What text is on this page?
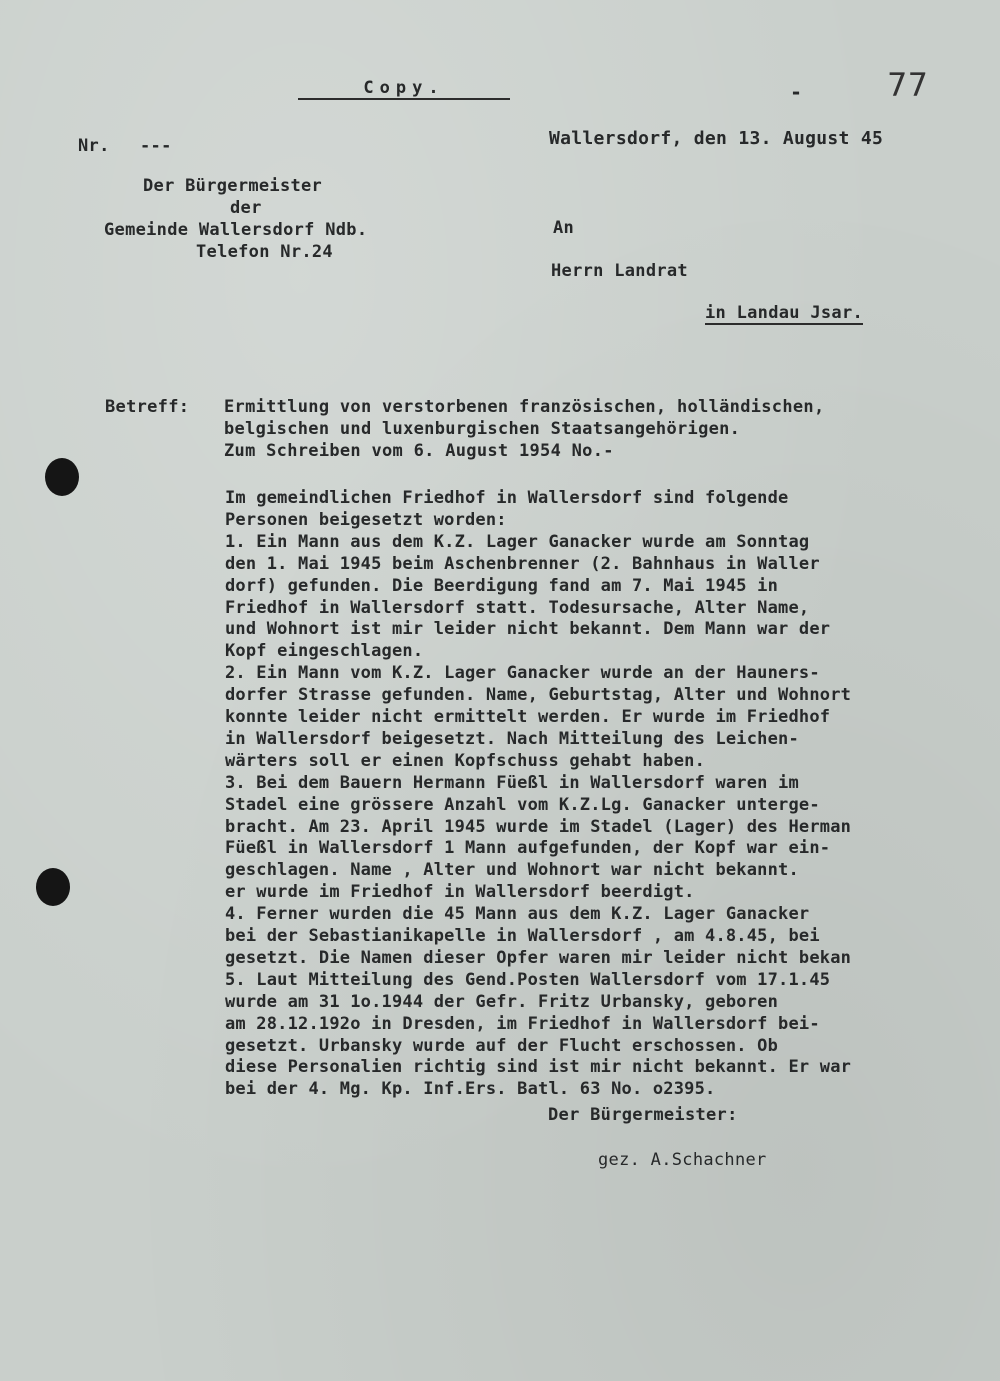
Copy.	-	77
Nr. ---	Wallersdorf, den 13. August 45
Der Bürgermeister
der
Gemeinde Wallersdorf Ndb.
Telefon Nr.24
An
Herrn Landrat
in Landau Jsar.
Betreff: Ermittlung von verstorbenen französischen, holländischen,
belgischen und luxenburgischen Staatsangehörigen.
Zum Schreiben vom 6. August 1954 No.-
Im gemeindlichen Friedhof in Wallersdorf sind folgende
Personen beigesetzt worden:
1. Ein Mann aus dem K.Z. Lager Ganacker wurde am Sonntag
den 1. Mai 1945 beim Aschenbrenner (2. Bahnhaus in Waller
dorf) gefunden. Die Beerdigung fand am 7. Mai 1945 in
Friedhof in Wallersdorf statt. Todesursache, Alter Name,
und Wohnort ist mir leider nicht bekannt. Dem Mann war der
Kopf eingeschlagen.
2. Ein Mann vom K.Z. Lager Ganacker wurde an der Hauners-
dorfer Strasse gefunden. Name, Geburtstag, Alter und Wohnort
konnte leider nicht ermittelt werden. Er wurde im Friedhof
in Wallersdorf beigesetzt. Nach Mitteilung des Leichen-
wärters soll er einen Kopfschuss gehabt haben.
3. Bei dem Bauern Hermann Füeßl in Wallersdorf waren im
Stadel eine grössere Anzahl vom K.Z.Lg. Ganacker unterge-
bracht. Am 23. April 1945 wurde im Stadel (Lager) des Herman
Füeßl in Wallersdorf 1 Mann aufgefunden, der Kopf war ein-
geschlagen. Name , Alter und Wohnort war nicht bekannt.
er wurde im Friedhof in Wallersdorf beerdigt.
4. Ferner wurden die 45 Mann aus dem K.Z. Lager Ganacker
bei der Sebastianikapelle in Wallersdorf , am 4.8.45, bei
gesetzt. Die Namen dieser Opfer waren mir leider nicht bekan
5. Laut Mitteilung des Gend.Posten Wallersdorf vom 17.1.45
wurde am 31 1o.1944 der Gefr. Fritz Urbansky, geboren
am 28.12.192o in Dresden, im Friedhof in Wallersdorf bei-
gesetzt. Urbansky wurde auf der Flucht erschossen. Ob
diese Personalien richtig sind ist mir nicht bekannt. Er war
bei der 4. Mg. Kp. Inf.Ers. Batl. 63 No. o2395.
Der Bürgermeister:
gez. A.Schachner
